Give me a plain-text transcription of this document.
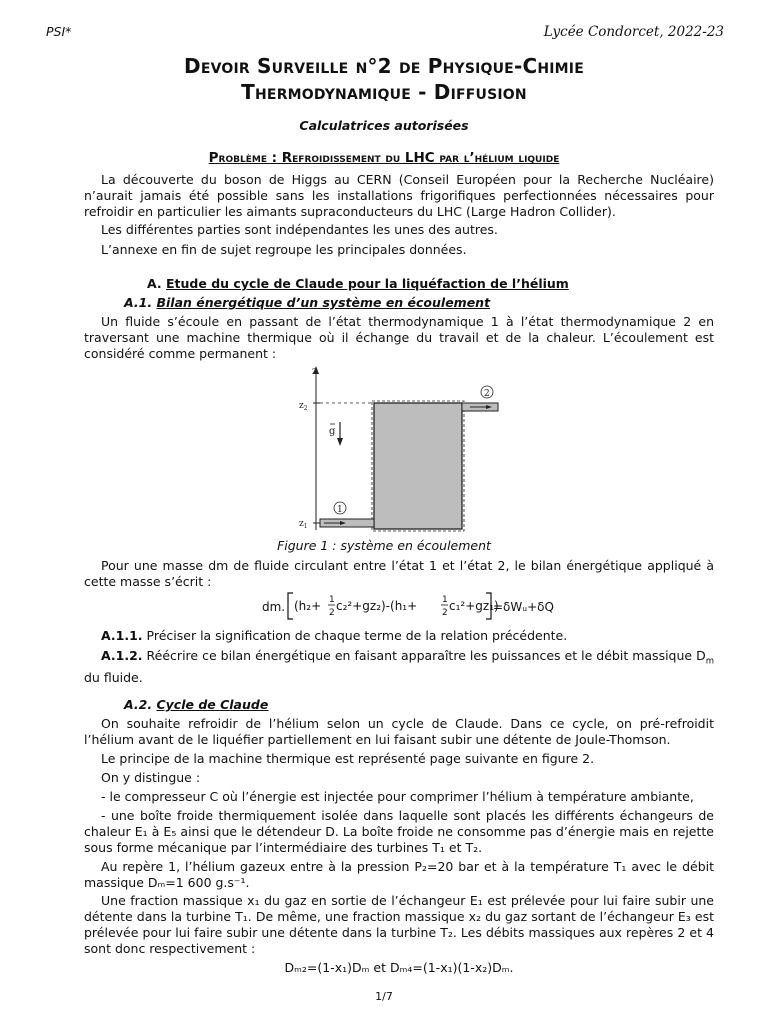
PSI*	Lycée Condorcet, 2022-23
Devoir Surveille n°2 de Physique-Chimie
Thermodynamique - Diffusion
Calculatrices autorisées
Problème : Refroidissement du LHC par l’hélium liquide
La découverte du boson de Higgs au CERN (Conseil Européen pour la Recherche Nucléaire) n’aurait jamais été possible sans les installations frigorifiques perfectionnées nécessaires pour refroidir en particulier les aimants supraconducteurs du LHC (Large Hadron Collider).
Les différentes parties sont indépendantes les unes des autres.
L’annexe en fin de sujet regroupe les principales données.
A. Etude du cycle de Claude pour la liquéfaction de l’hélium
A.1. Bilan énergétique d’un système en écoulement
Un fluide s’écoule en passant de l’état thermodynamique 1 à l’état thermodynamique 2 en traversant une machine thermique où il échange du travail et de la chaleur. L’écoulement est considéré comme permanent :
z
$z_2$
$z_1$
g
1
2
Figure 1 : système en écoulement
Pour une masse dm de fluide circulant entre l’état 1 et l’état 2, le bilan énergétique appliqué à cette masse s’écrit :
dm. (h₂+ 1
2 c₂²+gz₂)-(h₁+	1
2 c₁²+gz₁)
=δWᵤ+δQ
A.1.1. Préciser la signification de chaque terme de la relation précédente.
A.1.2. Réécrire ce bilan énergétique en faisant apparaître les puissances et le débit massique $D_m$ du fluide.
A.2. Cycle de Claude
On souhaite refroidir de l’hélium selon un cycle de Claude. Dans ce cycle, on pré-refroidit l’hélium avant de le liquéfier partiellement en lui faisant subir une détente de Joule-Thomson.
Le principe de la machine thermique est représenté page suivante en figure 2.
On y distingue :
- le compresseur C où l’énergie est injectée pour comprimer l’hélium à température ambiante,
- une boîte froide thermiquement isolée dans laquelle sont placés les différents échangeurs de chaleur E₁ à E₅ ainsi que le détendeur D. La boîte froide ne consomme pas d’énergie mais en rejette sous forme mécanique par l’intermédiaire des turbines T₁ et T₂.
Au repère 1, l’hélium gazeux entre à la pression P₂=20 bar et à la température T₁ avec le débit massique Dₘ=1 600 g.s⁻¹.
Une fraction massique x₁ du gaz en sortie de l’échangeur E₁ est prélevée pour lui faire subir une détente dans la turbine T₁. De même, une fraction massique x₂ du gaz sortant de l’échangeur E₃ est prélevée pour lui faire subir une détente dans la turbine T₂. Les débits massiques aux repères 2 et 4 sont donc respectivement :
Dₘ₂=(1-x₁)Dₘ et Dₘ₄=(1-x₁)(1-x₂)Dₘ.
1/7
